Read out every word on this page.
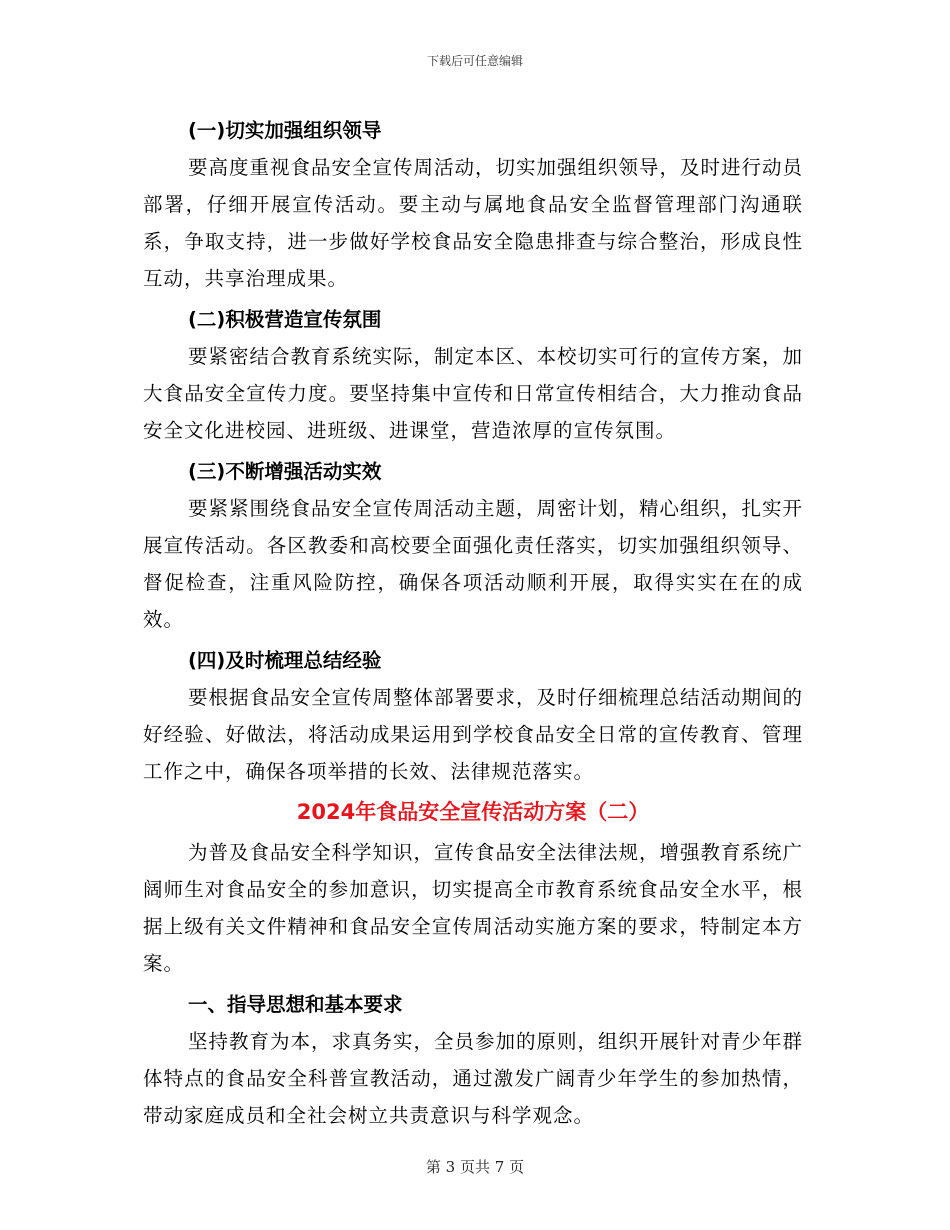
下载后可任意编辑
(一)切实加强组织领导
要高度重视食品安全宣传周活动，切实加强组织领导，及时进行动员部署，仔细开展宣传活动。要主动与属地食品安全监督管理部门沟通联系，争取支持，进一步做好学校食品安全隐患排查与综合整治，形成良性互动，共享治理成果。
(二)积极营造宣传氛围
要紧密结合教育系统实际，制定本区、本校切实可行的宣传方案，加大食品安全宣传力度。要坚持集中宣传和日常宣传相结合，大力推动食品安全文化进校园、进班级、进课堂，营造浓厚的宣传氛围。
(三)不断增强活动实效
要紧紧围绕食品安全宣传周活动主题，周密计划，精心组织，扎实开展宣传活动。各区教委和高校要全面强化责任落实，切实加强组织领导、督促检查，注重风险防控，确保各项活动顺利开展，取得实实在在的成效。
(四)及时梳理总结经验
要根据食品安全宣传周整体部署要求，及时仔细梳理总结活动期间的好经验、好做法，将活动成果运用到学校食品安全日常的宣传教育、管理工作之中，确保各项举措的长效、法律规范落实。
2024年食品安全宣传活动方案（二）
为普及食品安全科学知识，宣传食品安全法律法规，增强教育系统广阔师生对食品安全的参加意识，切实提高全市教育系统食品安全水平，根据上级有关文件精神和食品安全宣传周活动实施方案的要求，特制定本方案。
一、指导思想和基本要求
坚持教育为本，求真务实，全员参加的原则，组织开展针对青少年群体特点的食品安全科普宣教活动，通过激发广阔青少年学生的参加热情，带动家庭成员和全社会树立共责意识与科学观念。
第 3 页共 7 页
